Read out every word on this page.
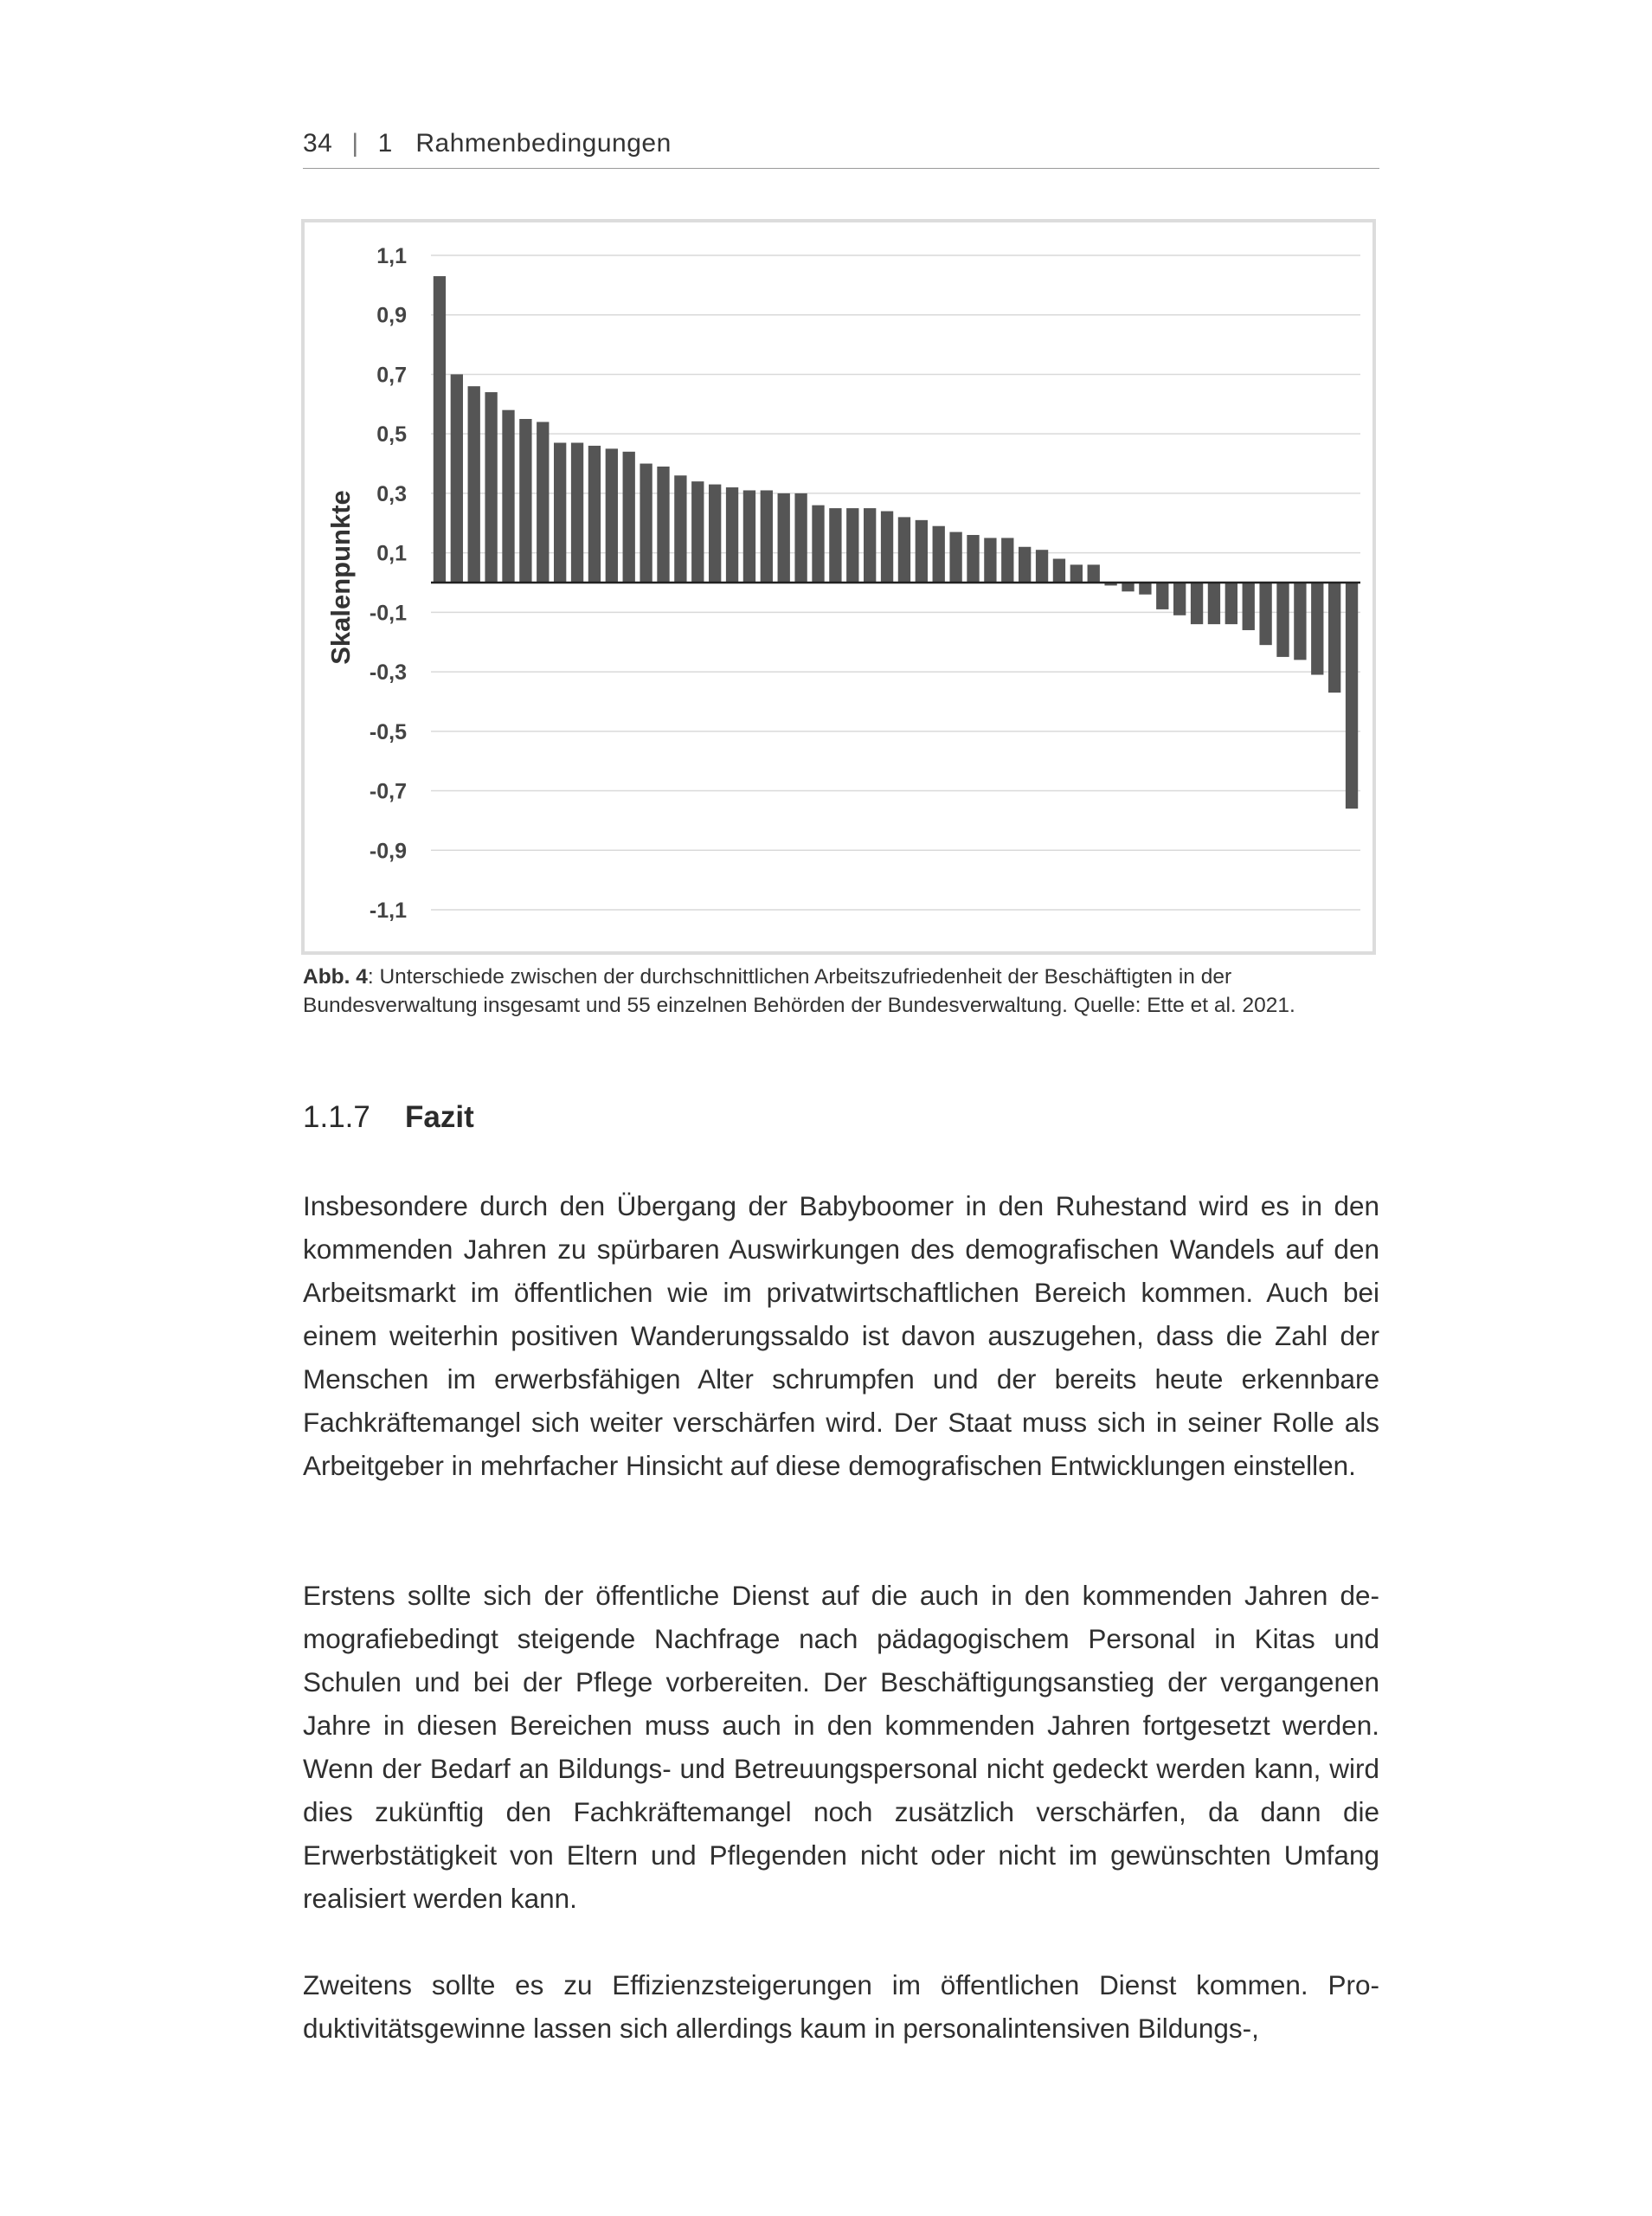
34 | 1 Rahmenbedingungen
1,1
0,9
0,7
0,5
0,3
0,1
-0,1
-0,3
-0,5
-0,7
-0,9
-1,1
Skalenpunkte
Abb. 4: Unterschiede zwischen der durchschnittlichen Arbeitszufriedenheit der Beschäftigten in der Bundesverwaltung insgesamt und 55 einzelnen Behörden der Bundesverwaltung. Quelle: Ette et al. 2021.
1.1.7 Fazit

Insbesondere durch den Übergang der Babyboomer in den Ruhestand wird es in den kommenden Jahren zu spürbaren Auswirkungen des demografischen Wandels auf den Arbeitsmarkt im öffentlichen wie im privatwirtschaftlichen Bereich kommen. Auch bei einem weiterhin positiven Wanderungssaldo ist davon auszugehen, dass die Zahl der Menschen im erwerbsfähigen Alter schrumpfen und der bereits heute erkennbare Fachkräftemangel sich weiter verschärfen wird. Der Staat muss sich in seiner Rolle als Arbeitgeber in mehrfacher Hinsicht auf diese demografischen Entwicklungen einstellen.

Erstens sollte sich der öffentliche Dienst auf die auch in den kommenden Jahren demografiebedingt steigende Nachfrage nach pädagogischem Personal in Kitas und Schulen und bei der Pflege vorbereiten. Der Beschäftigungsanstieg der vergangenen Jahre in diesen Bereichen muss auch in den kommenden Jahren fortgesetzt werden. Wenn der Bedarf an Bildungs- und Betreuungspersonal nicht gedeckt werden kann, wird dies zukünftig den Fachkräftemangel noch zusätzlich verschärfen, da dann die Erwerbstätigkeit von Eltern und Pflegenden nicht oder nicht im gewünschten Umfang realisiert werden kann.

Zweitens sollte es zu Effizienzsteigerungen im öffentlichen Dienst kommen. Produktivitätsgewinne lassen sich allerdings kaum in personalintensiven Bildungs-,
